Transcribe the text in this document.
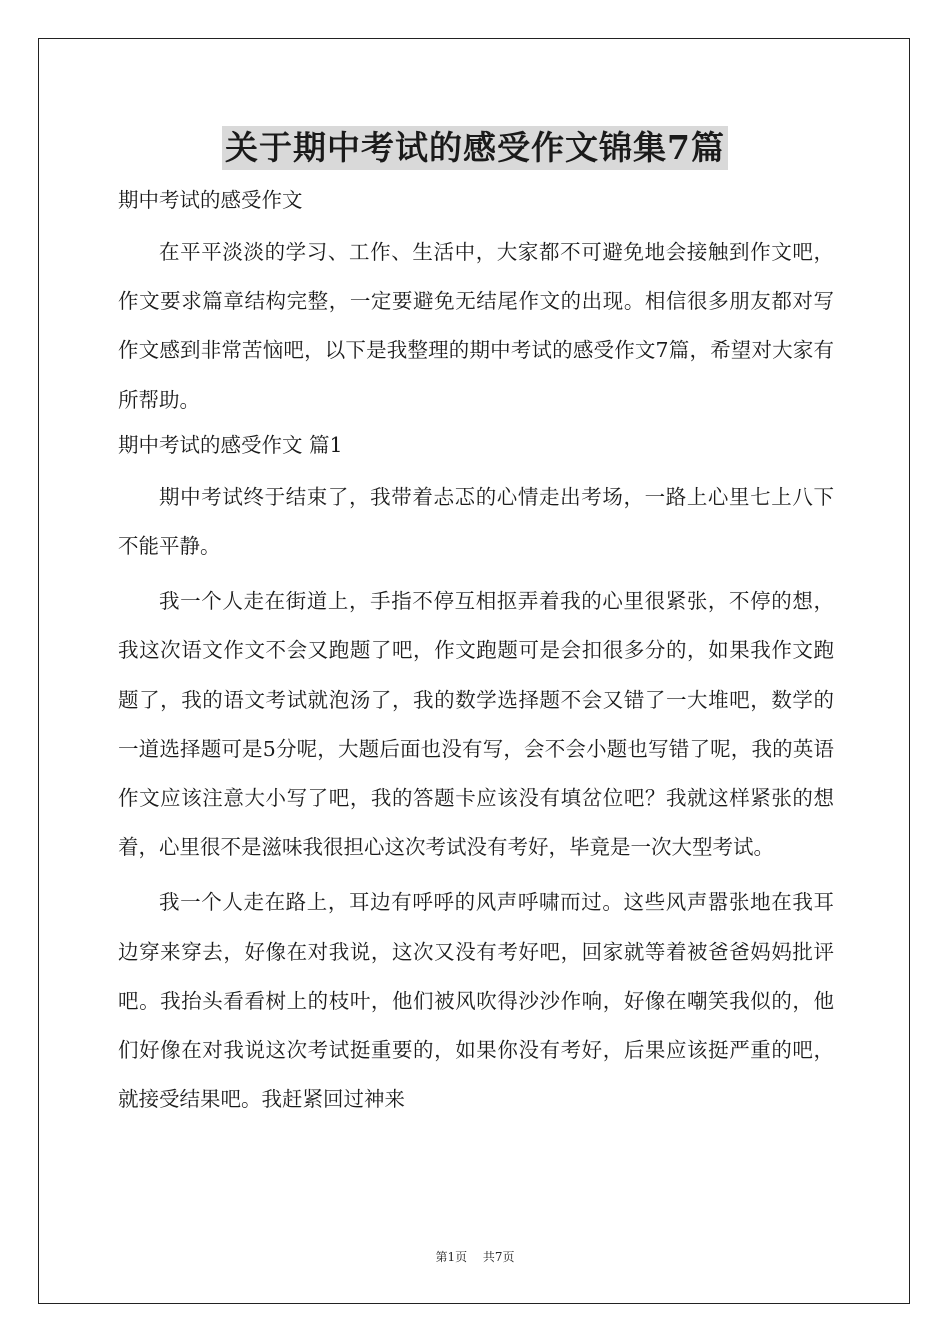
关于期中考试的感受作文锦集7篇

期中考试的感受作文

在平平淡淡的学习、工作、生活中，大家都不可避免地会接触到作文吧，作文要求篇章结构完整，一定要避免无结尾作文的出现。相信很多朋友都对写作文感到非常苦恼吧，以下是我整理的期中考试的感受作文7篇，希望对大家有所帮助。

期中考试的感受作文 篇1

期中考试终于结束了，我带着忐忑的心情走出考场，一路上心里七上八下不能平静。

我一个人走在街道上，手指不停互相抠弄着我的心里很紧张，不停的想，我这次语文作文不会又跑题了吧，作文跑题可是会扣很多分的，如果我作文跑题了，我的语文考试就泡汤了，我的数学选择题不会又错了一大堆吧，数学的一道选择题可是5分呢，大题后面也没有写，会不会小题也写错了呢，我的英语作文应该注意大小写了吧，我的答题卡应该没有填岔位吧？我就这样紧张的想着，心里很不是滋味我很担心这次考试没有考好，毕竟是一次大型考试。

我一个人走在路上，耳边有呼呼的风声呼啸而过。这些风声嚣张地在我耳边穿来穿去，好像在对我说，这次又没有考好吧，回家就等着被爸爸妈妈批评吧。我抬头看看树上的枝叶，他们被风吹得沙沙作响，好像在嘲笑我似的，他们好像在对我说这次考试挺重要的，如果你没有考好，后果应该挺严重的吧，就接受结果吧。我赶紧回过神来

第1页 共7页
